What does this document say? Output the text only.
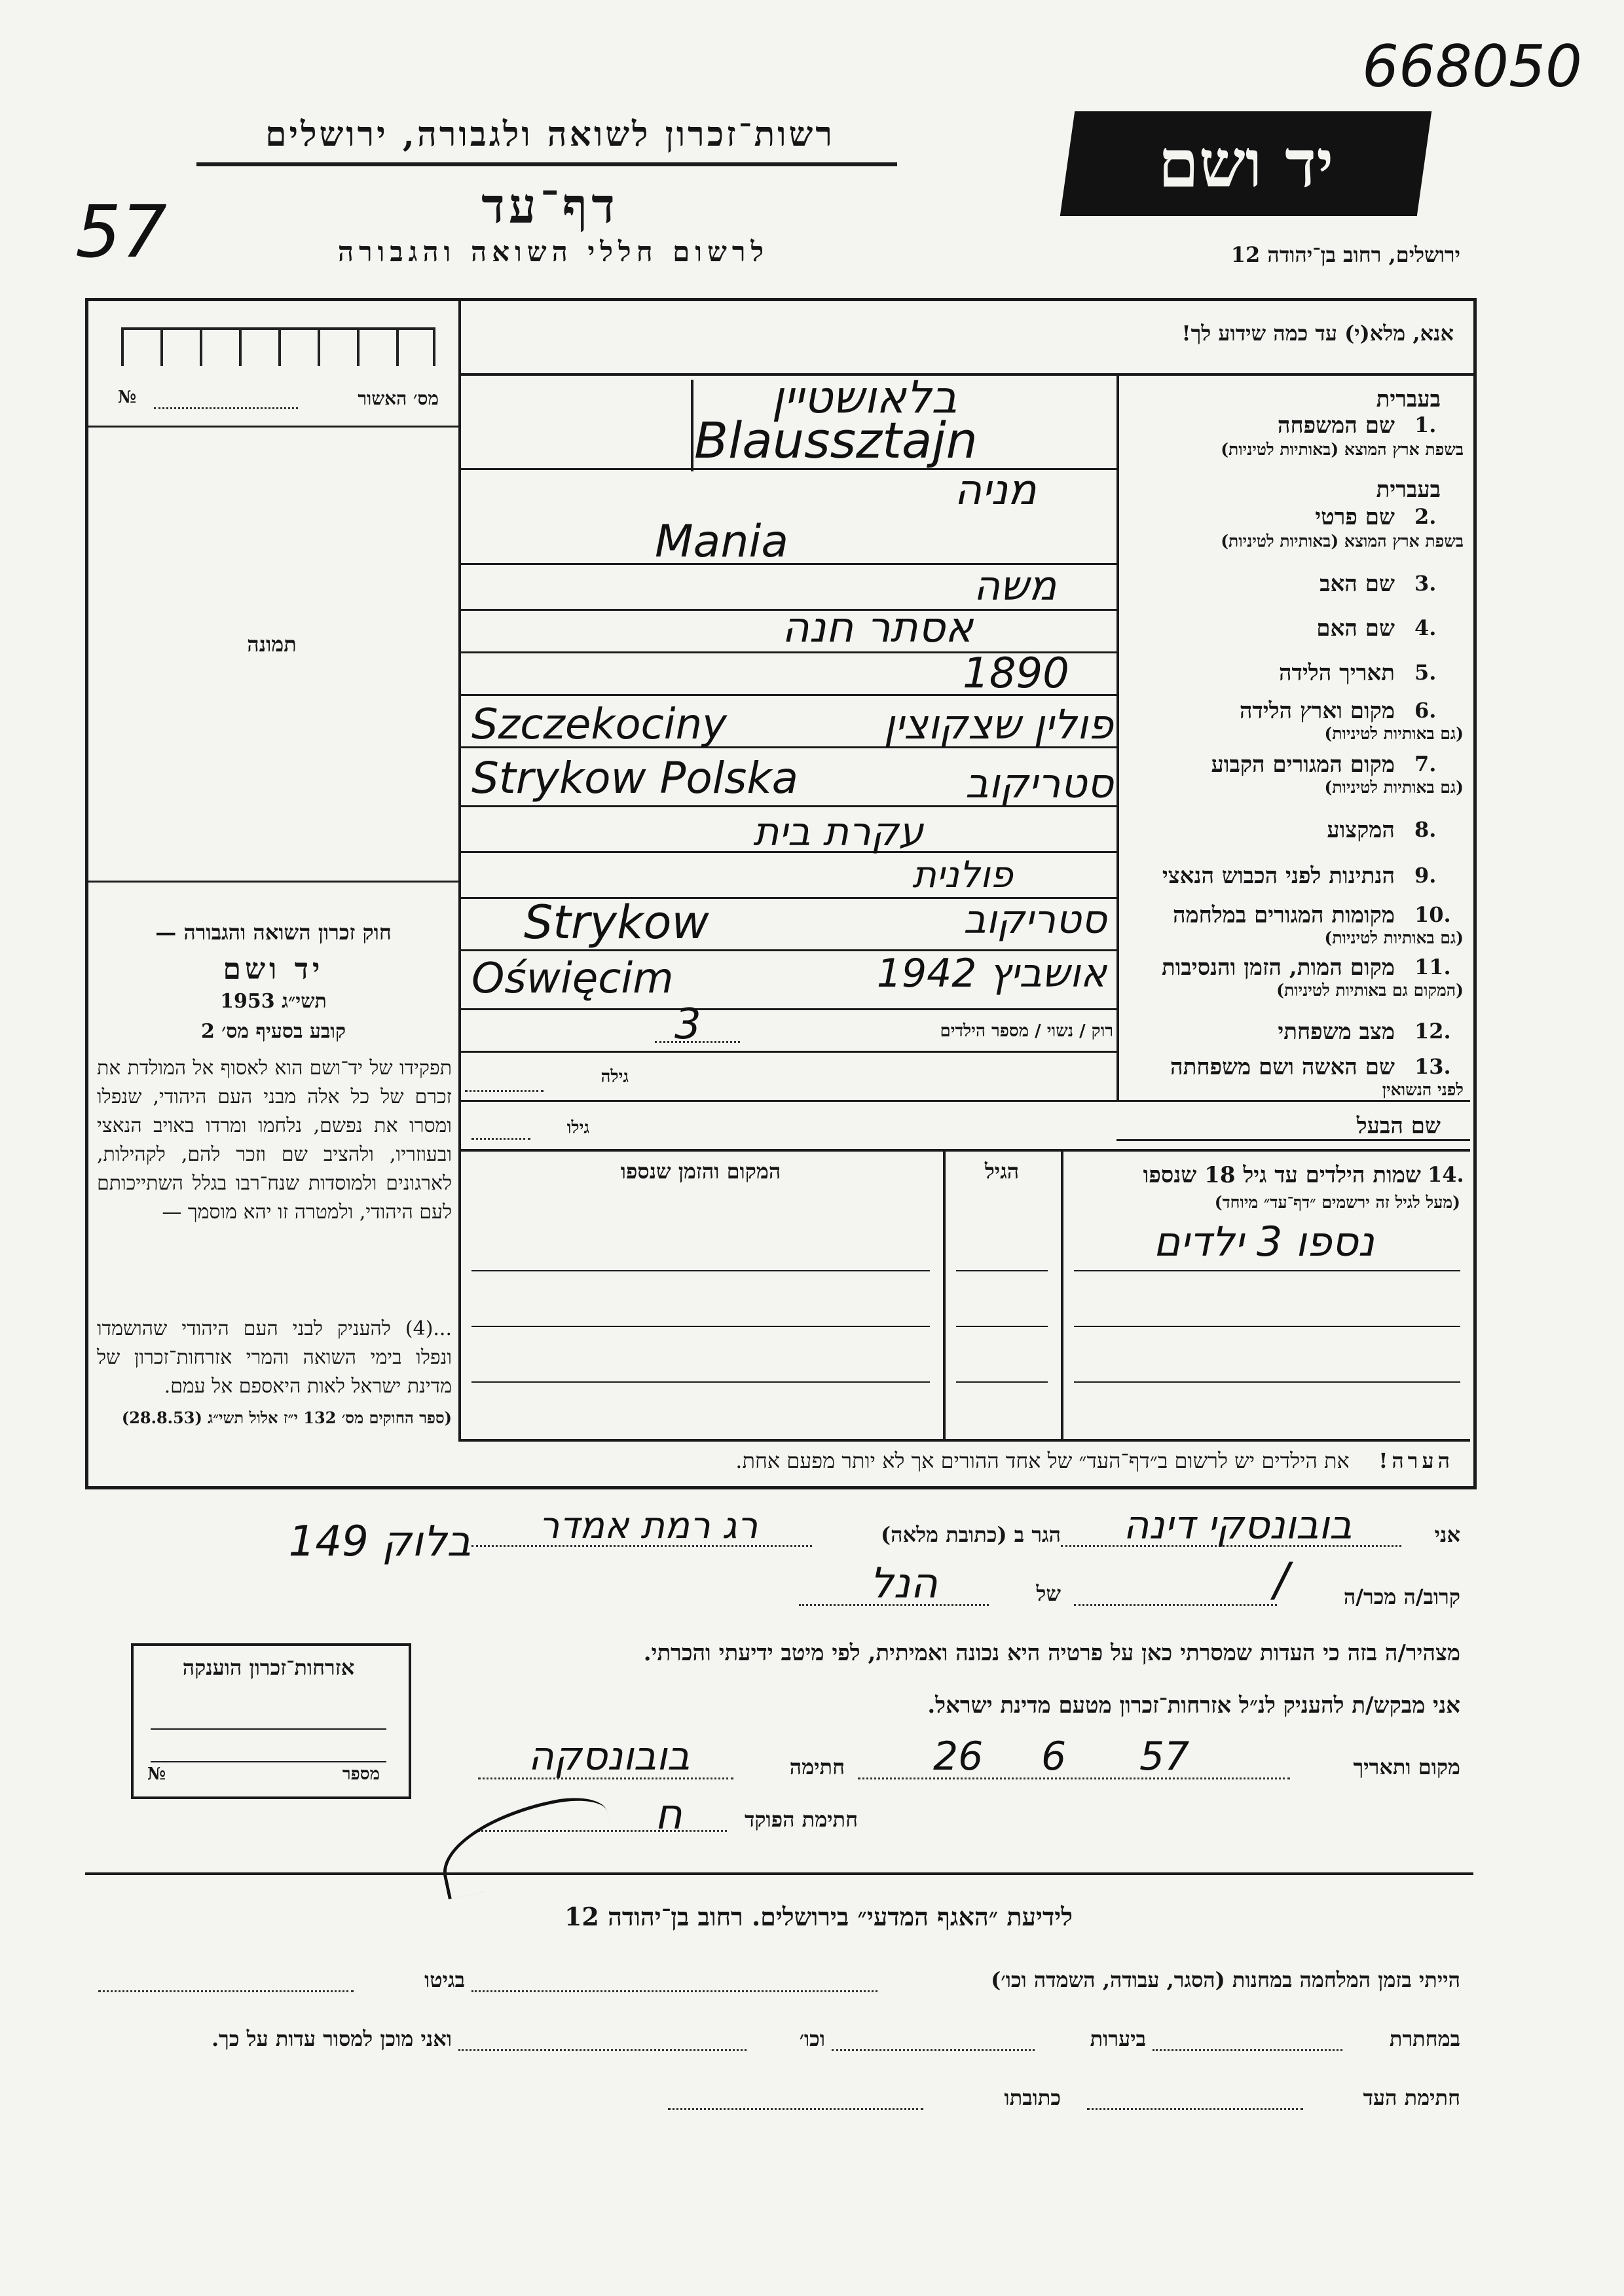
668050
57
רשות־זכרון לשואה ולגבורה, ירושלים
דף־עד
לרשום חללי השואה והגבורה
יד ושם
ירושלים, רחוב בן־יהודה 12
אנא, מלא(י) עד כמה שידוע לך!
№	מס׳ האשור
תמונה
בעברית
שם המשפחה 1.
בשפת ארץ המוצא (באותיות לטיניות)
בלאושטיין
Blaussztajn
בעברית
שם פרטי 2.
בשפת ארץ המוצא (באותיות לטיניות)
מניה
Mania
שם האב 3.
משה
שם האם 4.
אסתר חנה
תאריך הלידה 5.
1890
מקום וארץ הלידה 6.
(גם באותיות לטיניות)
פולין שצקוצין
Szczekociny
מקום המגורים הקבוע 7.
(גם באותיות לטיניות)
סטריקוב
Strykow Polska
המקצוע 8.
עקרת בית
הנתינות לפני הכבוש הנאצי 9.
פולנית
מקומות המגורים במלחמה 10.
(גם באותיות לטיניות)
סטריקוב
Strykow
מקום המות, הזמן והנסיבות 11.
(המקום גם באותיות לטיניות)
אושביץ 1942
Oświęcim
מצב משפחתי 12.
רוק / נשוי / מספר הילדים
3
שם האשה ושם משפחתה 13.
לפני הנשואין
גילה
שם הבעל
גילו
14.
שמות הילדים עד גיל 18 שנספו
(מעל לגיל זה ירשמים ״דף־עד״ מיוחד)
הגיל
המקום והזמן שנספו
נספו 3 ילדים
הערה!    את הילדים יש לרשום ב״דף־העד״ של אחד ההורים אך לא יותר מפעם אחת.
חוק זכרון השואה והגבורה —
יד ושם
1953 תשי״ג
קובע בסעיף מס׳ 2
תפקידו של יד־ושם הוא לאסוף אל המולדת את זכרם של כל אלה מבני העם היהודי, שנפלו ומסרו את נפשם, נלחמו ומרדו באויב הנאצי ובעוזריו, ולהציב שם וזכר להם, לקהילות, לארגונים ולמוסדות שנח־רבו בגלל השתייכותם לעם היהודי, ולמטרה זו יהא מוסמך —
...(4) להעניק לבני העם היהודי שהושמדו ונפלו בימי השואה והמרי אזרחות־זכרון של מדינת ישראל לאות היאספם אל עמם.
(ספר החוקים מס׳ 132 י״ז אלול תשי״ג (28.8.53)
אני
בובונסקי דינה
הגר ב (כתובת מלאה)
רג רמת אמדר
בלוק 149
קרוב/ה מכר/ה
/
של
הנל
מצהיר/ה בזה כי העדות שמסרתי כאן על פרטיה היא נכונה ואמיתית, לפי מיטב ידיעתי והכרתי.
אני מבקש/ת להעניק לנ״ל אזרחות־זכרון מטעם מדינת ישראל.
מקום ותאריך
26 6 57
חתימה
בובונסקה
חתימת הפוקד
ח
אזרחות־זכרון הוענקה
מספר
№
לידיעת ״האגף המדעי״ בירושלים. רחוב בן־יהודה 12
הייתי בזמן המלחמה במחנות (הסגר, עבודה, השמדה וכו׳)
בגיטו
במחתרת
ביערות
וכו׳
ואני מוכן למסור עדות על כך.
חתימת העד
כתובתו
